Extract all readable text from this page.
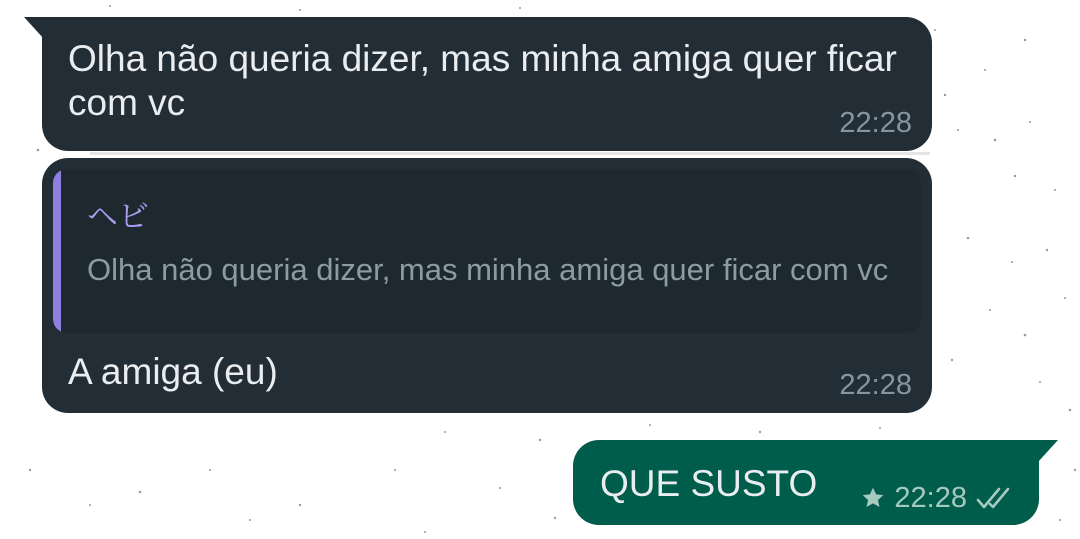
Olha não queria dizer, mas minha amiga quer ficar com vc	22:28
ヘビ
Olha não queria dizer, mas minha amiga quer ficar com vc
A amiga (eu)	22:28
QUE SUSTO	22:28
